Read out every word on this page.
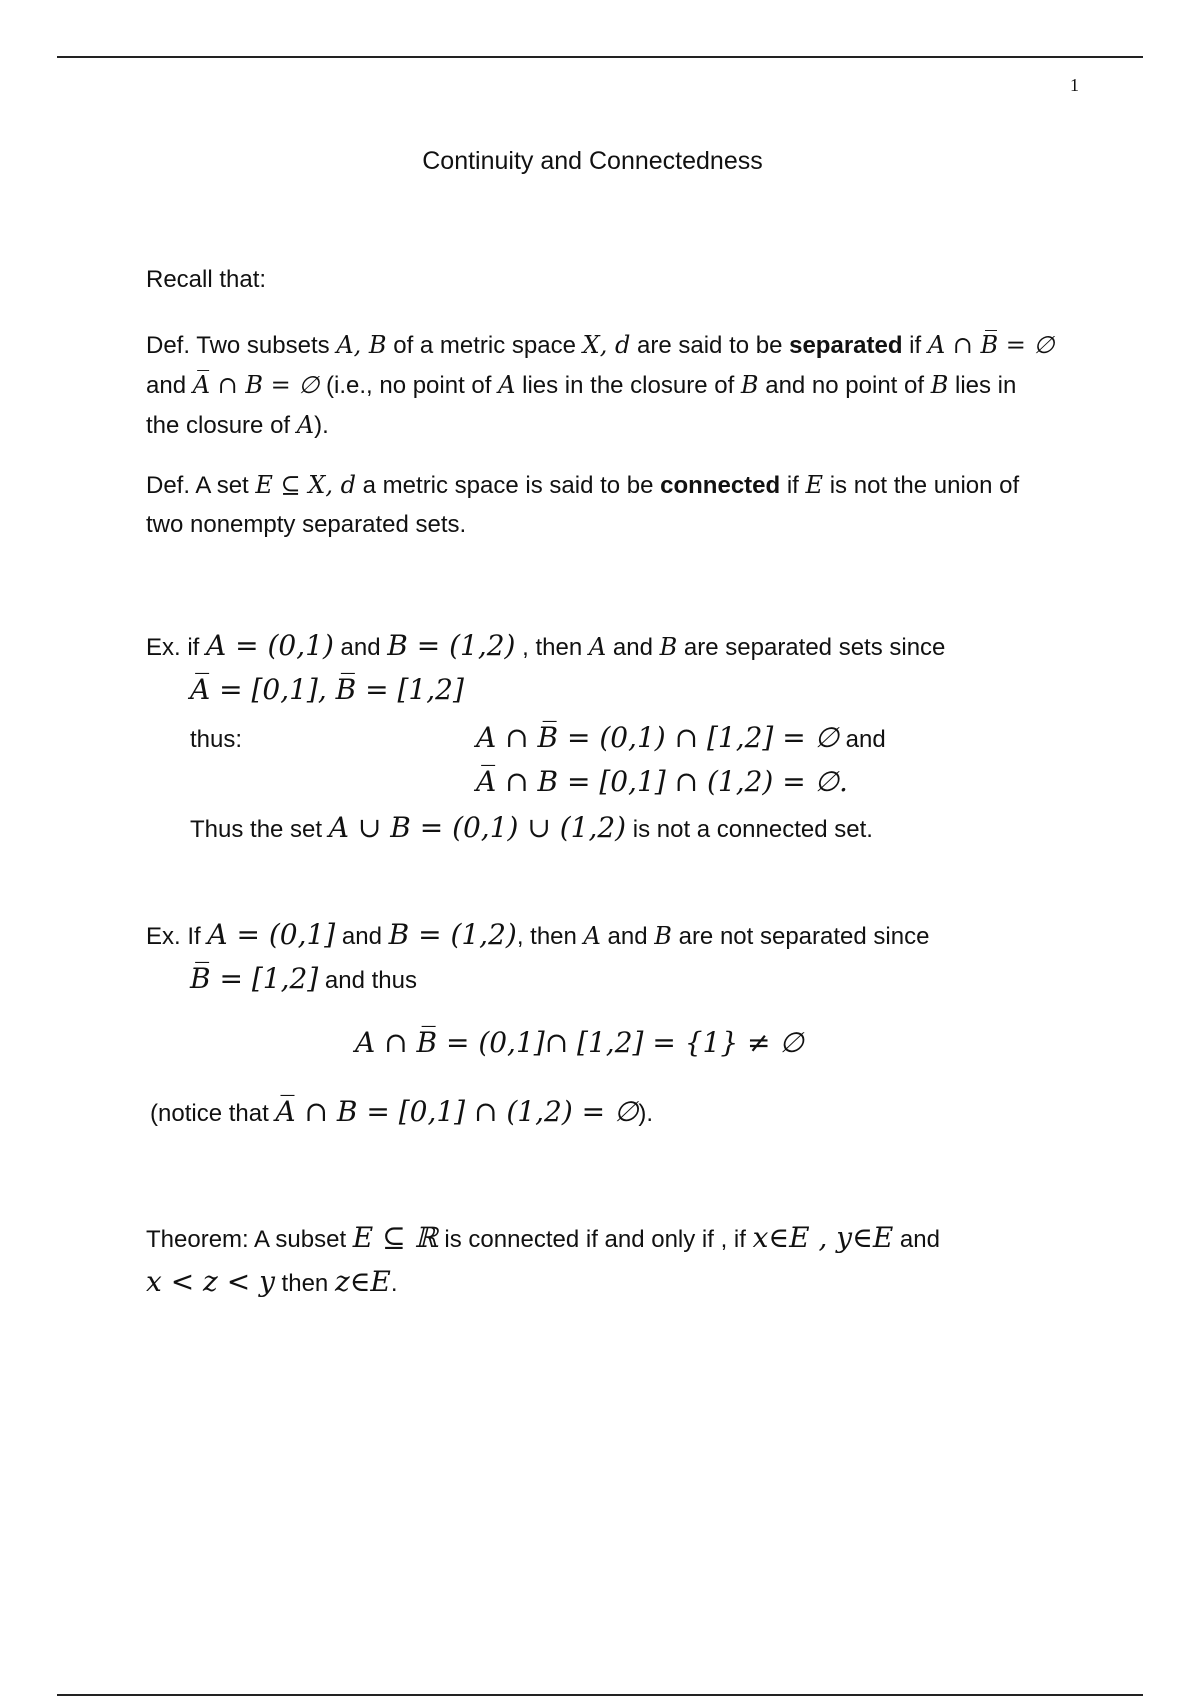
1
Continuity and Connectedness
Recall that:
Def. Two subsets A, B of a metric space X, d are said to be separated if A ∩ B̅ = ∅
and A̅ ∩ B = ∅ (i.e., no point of A lies in the closure of B and no point of B lies in
the closure of A).
Def. A set E ⊆ X, d a metric space is said to be connected if E is not the union of
two nonempty separated sets.
Ex. if A = (0,1) and B = (1,2) , then A and B are separated sets since
A̅ = [0,1], B̅ = [1,2]
thus:	A ∩ B̅ = (0,1) ∩ [1,2] = ∅ and
A̅ ∩ B = [0,1] ∩ (1,2) = ∅.
Thus the set A ∪ B = (0,1) ∪ (1,2) is not a connected set.
Ex. If A = (0,1] and B = (1,2), then A and B are not separated since
B̅ = [1,2] and thus
A ∩ B̅ = (0,1]∩ [1,2] = {1} ≠ ∅
(notice that A̅ ∩ B = [0,1] ∩ (1,2) = ∅).
Theorem: A subset E ⊆ ℝ is connected if and only if , if x∈E , y∈E and
x < z < y then z∈E.
